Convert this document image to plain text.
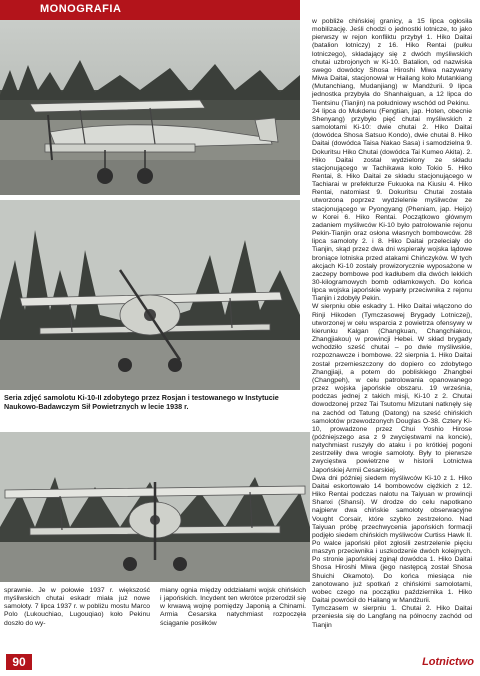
MONOGRAFIA
Seria zdjęć samolotu Ki-10-II zdobytego przez Rosjan i testowanego w Instytucie Naukowo-Badawczym Sił Powietrznych w lecie 1938 r.

w pobliże chińskiej granicy, a 15 lipca ogłosiła mobilizację. Jeśli chodzi o jednostki lotnicze, to jako pierwszy w rejon konfliktu przybył 1. Hiko Daitai (batalion lotniczy) z 16. Hiko Rentai (pułku lotniczego), składający się z dwóch myśliwskich chutai uzbrojonych w Ki-10. Batalion, od nazwiska swego dowódcy Shosa Hiroshi Miwa nazywany Miwa Daitai, stacjonował w Hailang koło Mutankiang (Mutanchiang, Mudanjiang) w Mandżurii. 9 lipca jednostka przybyła do Shanhaiguan, a 12 lipca do Tientsinu (Tianjin) na południowy wschód od Pekinu.

24 lipca do Mukdenu (Fengtian, jap. Hoten, obecnie Shenyang) przybyło pięć chutai myśliwskich z samolotami Ki-10: dwie chutai 2. Hiko Daitai (dowódca Shosa Satsuo Kondo), dwie chutai 8. Hiko Daitai (dowódca Taisa Nakao Sasa) i samodzielna 9. Dokuritsu Hiko Chutai (dowódca Tai Kumeo Akita). 2. Hiko Daitai został wydzielony ze składu stacjonującego w Tachikawa koło Tokio 5. Hiko Rentai, 8. Hiko Daitai ze składu stacjonującego w Tachiarai w prefekturze Fukuoka na Kiusiu 4. Hiko Rentai, natomiast 9. Dokuritsu Chutai została utworzona poprzez wydzielenie myśliwców ze stacjonującego w Pyongyang (Pheniam, jap. Heijo) w Korei 6. Hiko Rentai. Początkowo głównym zadaniem myśliwców Ki-10 było patrolowanie rejonu Pekin-Tianjin oraz osłona własnych bombowców. 28 lipca samoloty 2. i 8. Hiko Daitai przeleciały do Tianjin, skąd przez dwa dni wspierały wojska lądowe broniące lotniska przed atakami Chińczyków. W tych akcjach Ki-10 zostały prowizorycznie wyposażone w zaczepy bombowe pod kadłubem dla dwóch lekkich 30-kilogramowych bomb odłamkowych. Do końca lipca wojska japońskie wyparły przeciwnika z rejonu Tianjin i zdobyły Pekin.

W sierpniu obie eskadry 1. Hiko Daitai włączono do Rinji Hikoden (Tymczasowej Brygady Lotniczej), utworzonej w celu wsparcia z powietrza ofensywy w kierunku Kalgan (Changkuan, Changchiakou, Zhangjiakou) w prowincji Hebei. W skład brygady wchodziło sześć chutai – po dwie myśliwskie, rozpoznawcze i bombowe. 22 sierpnia 1. Hiko Daitai został przemieszczony do dopiero co zdobytego Zhangjiaji, a potem do pobliskiego Zhangbei (Changpeh), w celu patrolowania opanowanego przez wojska japońskie obszaru. 19 września, podczas jednej z takich misji, Ki-10 z 2. Chutai dowodzonej przez Tai Tsutomu Mizutani natknęły się na zachód od Tatung (Datong) na sześć chińskich samolotów przewodzonych Douglas O-38. Cztery Ki-10, prowadzone przez Chui Yoshio Hirose (późniejszego asa z 9 zwycięstwami na koncie), natychmiast ruszyły do ataku i po krótkiej pogoni zestrzeliły dwa wrogie samoloty. Były to pierwsze zwycięstwa powietrzne w historii Lotnictwa Japońskiej Armii Cesarskiej.

Dwa dni później siedem myśliwców Ki-10 z 1. Hiko Daitai eskortowało 14 bombowców ciężkich z 12. Hiko Rentai podczas nalotu na Taiyuan w prowincji Shanxi (Shansi). W drodze do celu napotkano najpierw dwa chińskie samoloty obserwacyjne Vought Corsair, które szybko zestrzelono. Nad Taiyuan próbę przechwycenia japońskich formacji podjęło siedem chińskich myśliwców Curtiss Hawk II. Po walce japoński pilot zgłosili zestrzelenie pięciu maszyn przeciwnika i uszkodzenie dwóch kolejnych. Po stronie japońskiej zginął dowódca 1. Hiko Daitai Shosa Hiroshi Miwa (jego następcą został Shosa Shuichi Okamoto). Do końca miesiąca nie zanotowano już spotkań z chińskimi samolotami, wobec czego na początku października 1. Hiko Daitai powrócił do Hailang w Mandżurii.

Tymczasem w sierpniu 1. Chutai 2. Hiko Daitai przeniesła się do Langfang na północny zachód od Tianjin

sprawnie. Je w połowie 1937 r. większość myśliwskich chutai eskadr miała już nowe samoloty. 7 lipca 1937 r. w pobliżu mostu Marco Polo (Lukouchiao, Lugouqiao) koło Pekinu doszło do wy-
miany ognia między oddziałami wojsk chińskich i japońskich. Incydent ten wkrótce przerodził się w krwawą wojnę pomiędzy Japonią a Chinami. Armia Cesarska natychmiast rozpoczęła ściąganie posiłków
90	Lotnictwo
